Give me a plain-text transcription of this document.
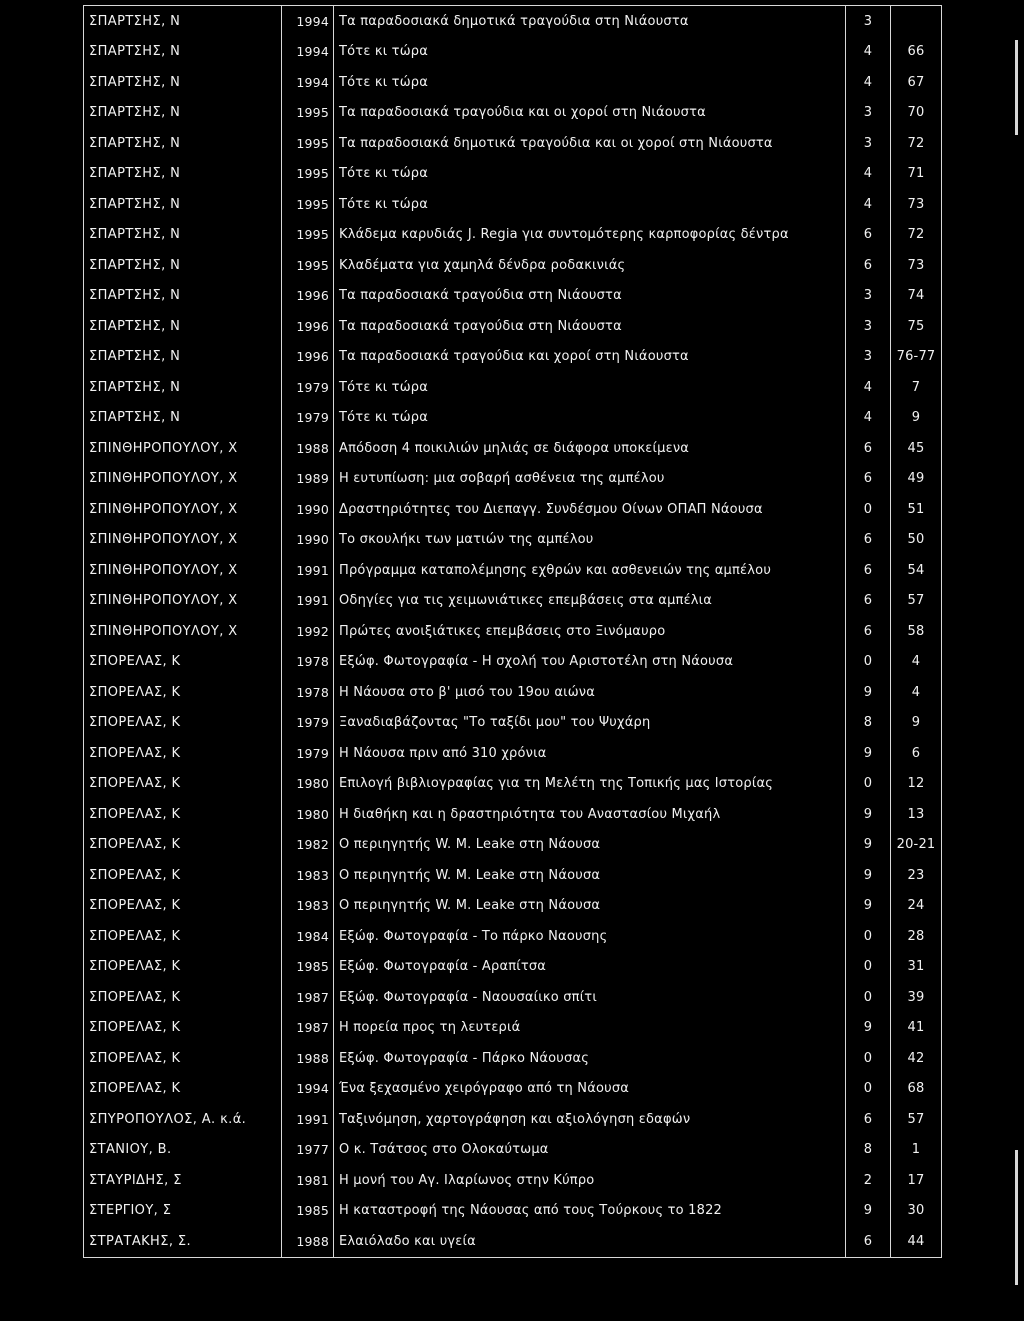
ΣΠΑΡΤΣΗΣ, Ν	1994	Τα παραδοσιακά δημοτικά τραγούδια στη Νιάουστα	3	
ΣΠΑΡΤΣΗΣ, Ν	1994	Τότε κι τώρα	4	66
ΣΠΑΡΤΣΗΣ, Ν	1994	Τότε κι τώρα	4	67
ΣΠΑΡΤΣΗΣ, Ν	1995	Τα παραδοσιακά τραγούδια και οι χοροί στη Νιάουστα	3	70
ΣΠΑΡΤΣΗΣ, Ν	1995	Τα παραδοσιακά δημοτικά τραγούδια και οι χοροί στη Νιάουστα	3	72
ΣΠΑΡΤΣΗΣ, Ν	1995	Τότε κι τώρα	4	71
ΣΠΑΡΤΣΗΣ, Ν	1995	Τότε κι τώρα	4	73
ΣΠΑΡΤΣΗΣ, Ν	1995	Κλάδεμα καρυδιάς J. Regia για συντομότερης καρποφορίας δέντρα	6	72
ΣΠΑΡΤΣΗΣ, Ν	1995	Κλαδέματα για χαμηλά δένδρα ροδακινιάς	6	73
ΣΠΑΡΤΣΗΣ, Ν	1996	Τα παραδοσιακά τραγούδια στη Νιάουστα	3	74
ΣΠΑΡΤΣΗΣ, Ν	1996	Τα παραδοσιακά τραγούδια στη Νιάουστα	3	75
ΣΠΑΡΤΣΗΣ, Ν	1996	Τα παραδοσιακά τραγούδια και χοροί στη Νιάουστα	3	76-77
ΣΠΑΡΤΣΗΣ, Ν	1979	Τότε κι τώρα	4	7
ΣΠΑΡΤΣΗΣ, Ν	1979	Τότε κι τώρα	4	9
ΣΠΙΝΘΗΡΟΠΟΥΛΟΥ, Χ	1988	Απόδοση 4 ποικιλιών μηλιάς σε διάφορα υποκείμενα	6	45
ΣΠΙΝΘΗΡΟΠΟΥΛΟΥ, Χ	1989	Η ευτυπίωση: μια σοβαρή ασθένεια της αμπέλου	6	49
ΣΠΙΝΘΗΡΟΠΟΥΛΟΥ, Χ	1990	Δραστηριότητες του Διεπαγγ. Συνδέσμου Οίνων ΟΠΑΠ Νάουσα	0	51
ΣΠΙΝΘΗΡΟΠΟΥΛΟΥ, Χ	1990	Το σκουλήκι των ματιών της αμπέλου	6	50
ΣΠΙΝΘΗΡΟΠΟΥΛΟΥ, Χ	1991	Πρόγραμμα καταπολέμησης εχθρών και ασθενειών της αμπέλου	6	54
ΣΠΙΝΘΗΡΟΠΟΥΛΟΥ, Χ	1991	Οδηγίες για τις χειμωνιάτικες επεμβάσεις στα αμπέλια	6	57
ΣΠΙΝΘΗΡΟΠΟΥΛΟΥ, Χ	1992	Πρώτες ανοιξιάτικες επεμβάσεις στο Ξινόμαυρο	6	58
ΣΠΟΡΕΛΑΣ, Κ	1978	Εξώφ. Φωτογραφία - Η σχολή του Αριστοτέλη στη Νάουσα	0	4
ΣΠΟΡΕΛΑΣ, Κ	1978	Η Νάουσα στο β' μισό του 19ου αιώνα	9	4
ΣΠΟΡΕΛΑΣ, Κ	1979	Ξαναδιαβάζοντας "Το ταξίδι μου" του Ψυχάρη	8	9
ΣΠΟΡΕΛΑΣ, Κ	1979	Η Νάουσα πριν από 310 χρόνια	9	6
ΣΠΟΡΕΛΑΣ, Κ	1980	Επιλογή βιβλιογραφίας για τη Μελέτη της Τοπικής μας Ιστορίας	0	12
ΣΠΟΡΕΛΑΣ, Κ	1980	Η διαθήκη και η δραστηριότητα του Αναστασίου Μιχαήλ	9	13
ΣΠΟΡΕΛΑΣ, Κ	1982	Ο περιηγητής W. M. Leake στη Νάουσα	9	20-21
ΣΠΟΡΕΛΑΣ, Κ	1983	Ο περιηγητής W. M. Leake στη Νάουσα	9	23
ΣΠΟΡΕΛΑΣ, Κ	1983	Ο περιηγητής W. M. Leake στη Νάουσα	9	24
ΣΠΟΡΕΛΑΣ, Κ	1984	Εξώφ. Φωτογραφία - Το πάρκο Ναουσης	0	28
ΣΠΟΡΕΛΑΣ, Κ	1985	Εξώφ. Φωτογραφία - Αραπίτσα	0	31
ΣΠΟΡΕΛΑΣ, Κ	1987	Εξώφ. Φωτογραφία - Ναουσαίικο σπίτι	0	39
ΣΠΟΡΕΛΑΣ, Κ	1987	Η πορεία προς τη λευτεριά	9	41
ΣΠΟΡΕΛΑΣ, Κ	1988	Εξώφ. Φωτογραφία - Πάρκο Νάουσας	0	42
ΣΠΟΡΕΛΑΣ, Κ	1994	Ένα ξεχασμένο χειρόγραφο από τη Νάουσα	0	68
ΣΠΥΡΟΠΟΥΛΟΣ, Α. κ.ά.	1991	Ταξινόμηση, χαρτογράφηση και αξιολόγηση εδαφών	6	57
ΣΤΑΝΙΟΥ, Β.	1977	Ο κ. Τσάτσος στο Ολοκαύτωμα	8	1
ΣΤΑΥΡΙΔΗΣ, Σ	1981	Η μονή του Αγ. Ιλαρίωνος στην Κύπρο	2	17
ΣΤΕΡΓΙΟΥ, Σ	1985	Η καταστροφή της Νάουσας από τους Τούρκους το 1822	9	30
ΣΤΡΑΤΑΚΗΣ, Σ.	1988	Ελαιόλαδο και υγεία	6	44
